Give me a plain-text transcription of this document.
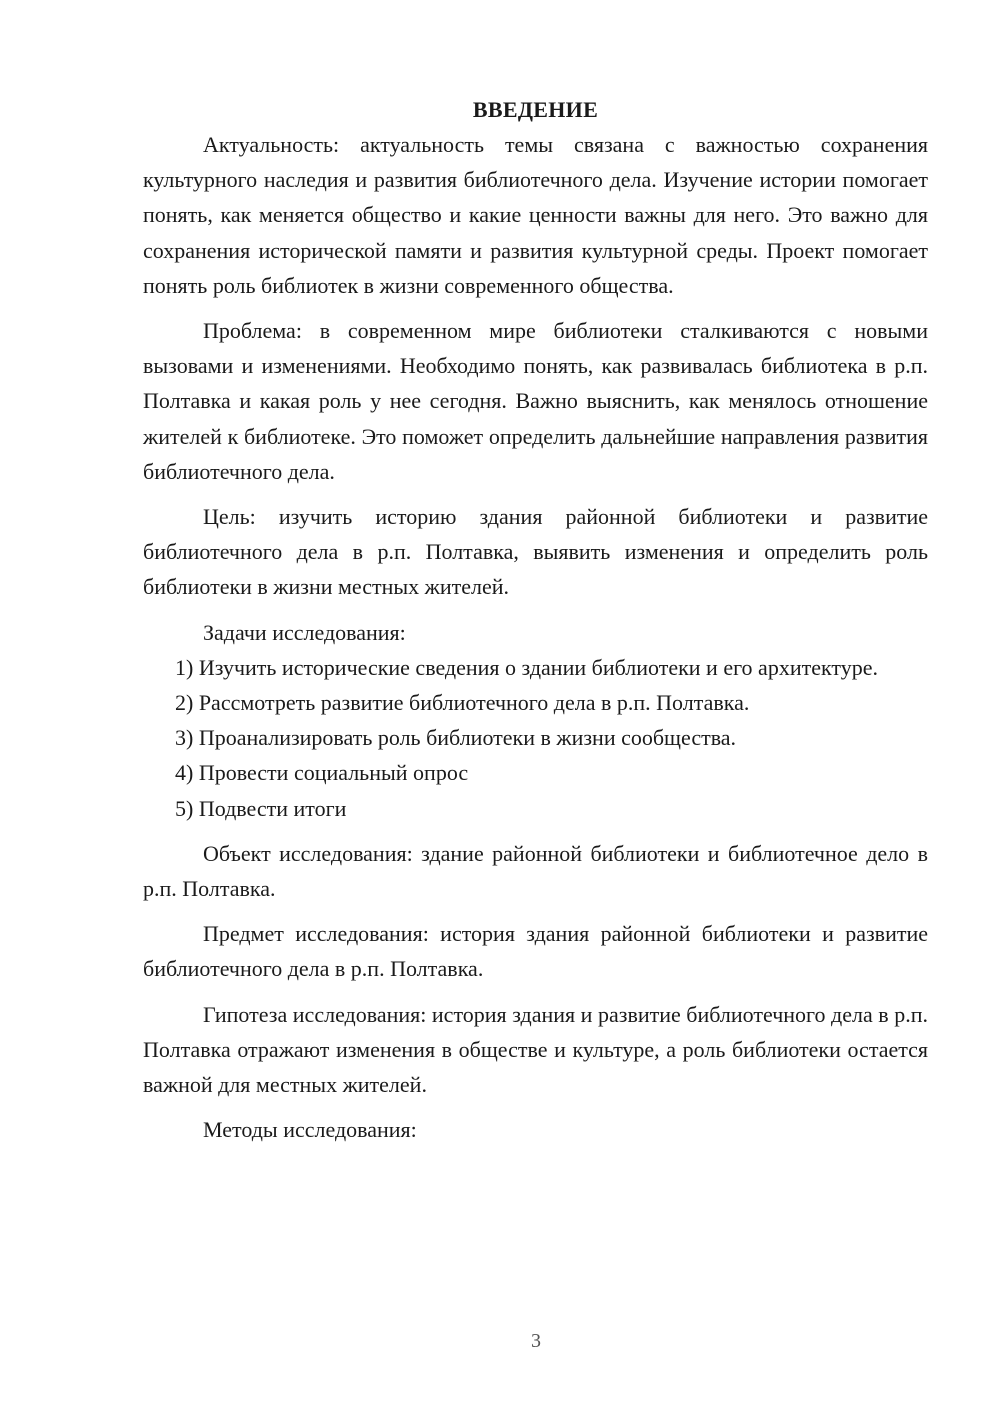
ВВЕДЕНИЕ

Актуальность: актуальность темы связана с важностью сохранения культурного наследия и развития библиотечного дела. Изучение истории помогает понять, как меняется общество и какие ценности важны для него. Это важно для сохранения исторической памяти и развития культурной среды. Проект помогает понять роль библиотек в жизни современного общества.

Проблема: в современном мире библиотеки сталкиваются с новыми вызовами и изменениями. Необходимо понять, как развивалась библиотека в р.п. Полтавка и какая роль у нее сегодня. Важно выяснить, как менялось отношение жителей к библиотеке. Это поможет определить дальнейшие направления развития библиотечного дела.

Цель: изучить историю здания районной библиотеки и развитие библиотечного дела в р.п. Полтавка, выявить изменения и определить роль библиотеки в жизни местных жителей.

Задачи исследования:

1) Изучить исторические сведения о здании библиотеки и его архитектуре.

2) Рассмотреть развитие библиотечного дела в р.п. Полтавка.

3) Проанализировать роль библиотеки в жизни сообщества.

4) Провести социальный опрос

5) Подвести итоги

Объект исследования: здание районной библиотеки и библиотечное дело в р.п. Полтавка.

Предмет исследования: история здания районной библиотеки и развитие библиотечного дела в р.п. Полтавка.

Гипотеза исследования: история здания и развитие библиотечного дела в р.п. Полтавка отражают изменения в обществе и культуре, а роль библиотеки остается важной для местных жителей.

Методы исследования:

3
